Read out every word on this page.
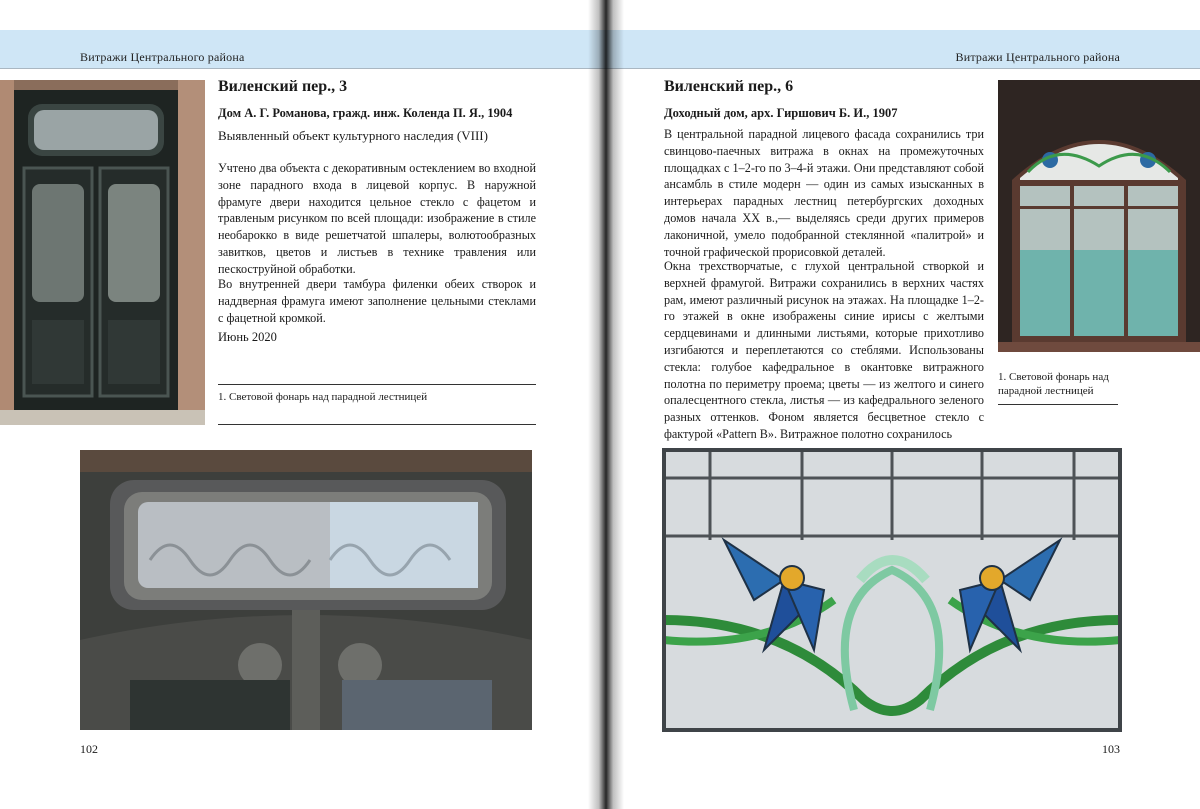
Витражи Центрального района
Виленский пер., 3
Дом А. Г. Романова, гражд. инж. Коленда П. Я., 1904
Выявленный объект культурного наследия (VIII)

Учтено два объекта с декоративным остеклением во входной зоне парадного входа в лицевой корпус. В наружной фрамуге двери находится цельное стекло с фацетом и травленым рисунком по всей площади: изображение в стиле необарокко в виде решетчатой шпалеры, волютообразных завитков, цветов и листьев в технике травления или пескоструйной обработки.

Во внутренней двери тамбура филенки обеих створок и наддверная фрамуга имеют заполнение цельными стеклами с фацетной кромкой.

Июнь 2020
1. Световой фонарь над парадной лестницей
102
Витражи Центрального района
Виленский пер., 6
Доходный дом, арх. Гиршович Б. И., 1907

В центральной парадной лицевого фасада сохранились три свинцово-паечных витража в окнах на промежуточных площадках с 1–2-го по 3–4-й этажи. Они представляют собой ансамбль в стиле модерн — один из самых изысканных в интерьерах парадных лестниц петербургских доходных домов начала XX в.,— выделяясь среди других примеров лаконичной, умело подобранной стеклянной «палитрой» и точной графической прорисовкой деталей.

Окна трехстворчатые, с глухой центральной створкой и верхней фрамугой. Витражи сохранились в верхних частях рам, имеют различный рисунок на этажах. На площадке 1–2-го этажей в окне изображены синие ирисы с желтыми сердцевинами и длинными листьями, которые прихотливо изгибаются и переплетаются со стеблями. Использованы стекла: голубое кафедральное в окантовке витражного полотна по периметру проема; цветы — из желтого и синего опалесцентного стекла, листья — из кафедрального зеленого разных оттенков. Фоном является бесцветное стекло с фактурой «Pattern B». Витражное полотно сохранилось

1. Световой фонарь над парадной лестницей
103
